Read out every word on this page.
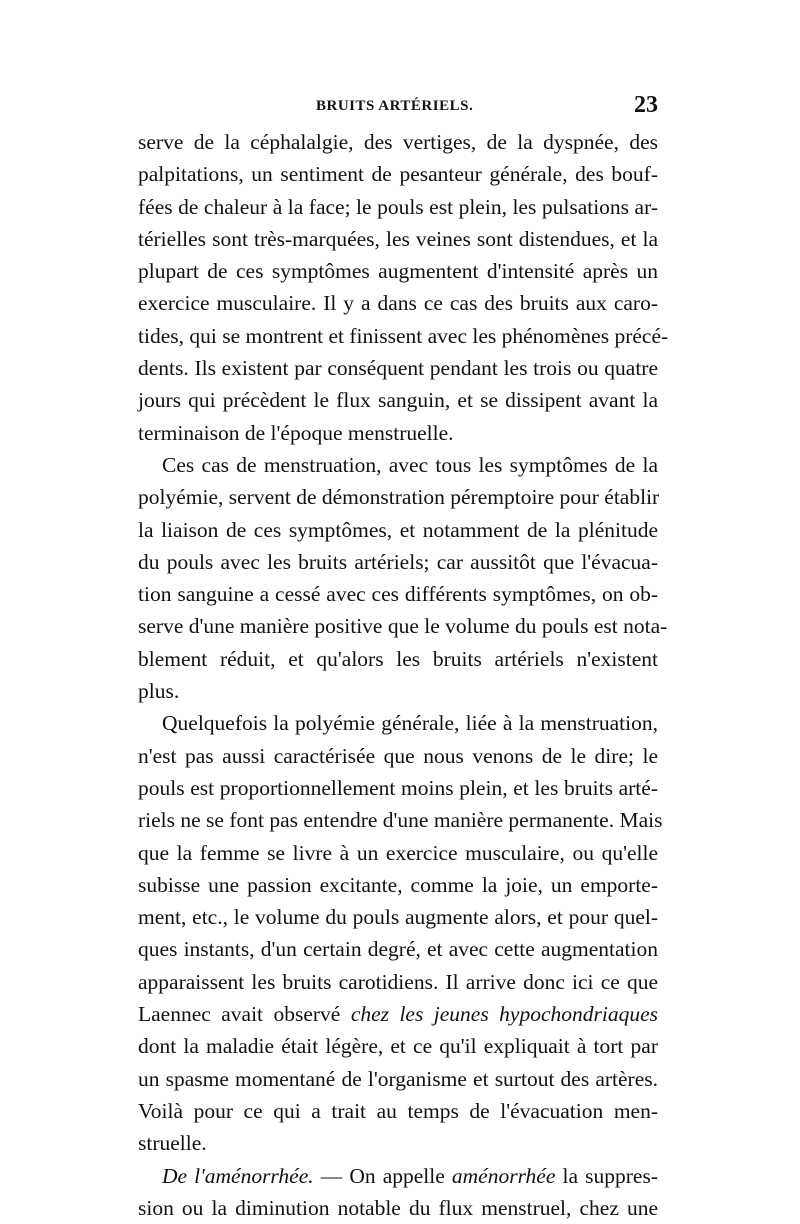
BRUITS ARTÉRIELS.	23
serve de la céphalalgie, des vertiges, de la dyspnée, des
palpitations, un sentiment de pesanteur générale, des bouf-
fées de chaleur à la face; le pouls est plein, les pulsations ar-
térielles sont très-marquées, les veines sont distendues, et la
plupart de ces symptômes augmentent d'intensité après un
exercice musculaire. Il y a dans ce cas des bruits aux caro-
tides, qui se montrent et finissent avec les phénomènes précé-
dents. Ils existent par conséquent pendant les trois ou quatre
jours qui précèdent le flux sanguin, et se dissipent avant la
terminaison de l'époque menstruelle.
Ces cas de menstruation, avec tous les symptômes de la
polyémie, servent de démonstration péremptoire pour établir
la liaison de ces symptômes, et notamment de la plénitude
du pouls avec les bruits artériels; car aussitôt que l'évacua-
tion sanguine a cessé avec ces différents symptômes, on ob-
serve d'une manière positive que le volume du pouls est nota-
blement réduit, et qu'alors les bruits artériels n'existent
plus.
Quelquefois la polyémie générale, liée à la menstruation,
n'est pas aussi caractérisée que nous venons de le dire; le
pouls est proportionnellement moins plein, et les bruits arté-
riels ne se font pas entendre d'une manière permanente. Mais
que la femme se livre à un exercice musculaire, ou qu'elle
subisse une passion excitante, comme la joie, un emporte-
ment, etc., le volume du pouls augmente alors, et pour quel-
ques instants, d'un certain degré, et avec cette augmentation
apparaissent les bruits carotidiens. Il arrive donc ici ce que
Laennec avait observé chez les jeunes hypochondriaques
dont la maladie était légère, et ce qu'il expliquait à tort par
un spasme momentané de l'organisme et surtout des artères.
Voilà pour ce qui a trait au temps de l'évacuation men-
struelle.
De l'aménorrhée. — On appelle aménorrhée la suppres-
sion ou la diminution notable du flux menstruel, chez une
